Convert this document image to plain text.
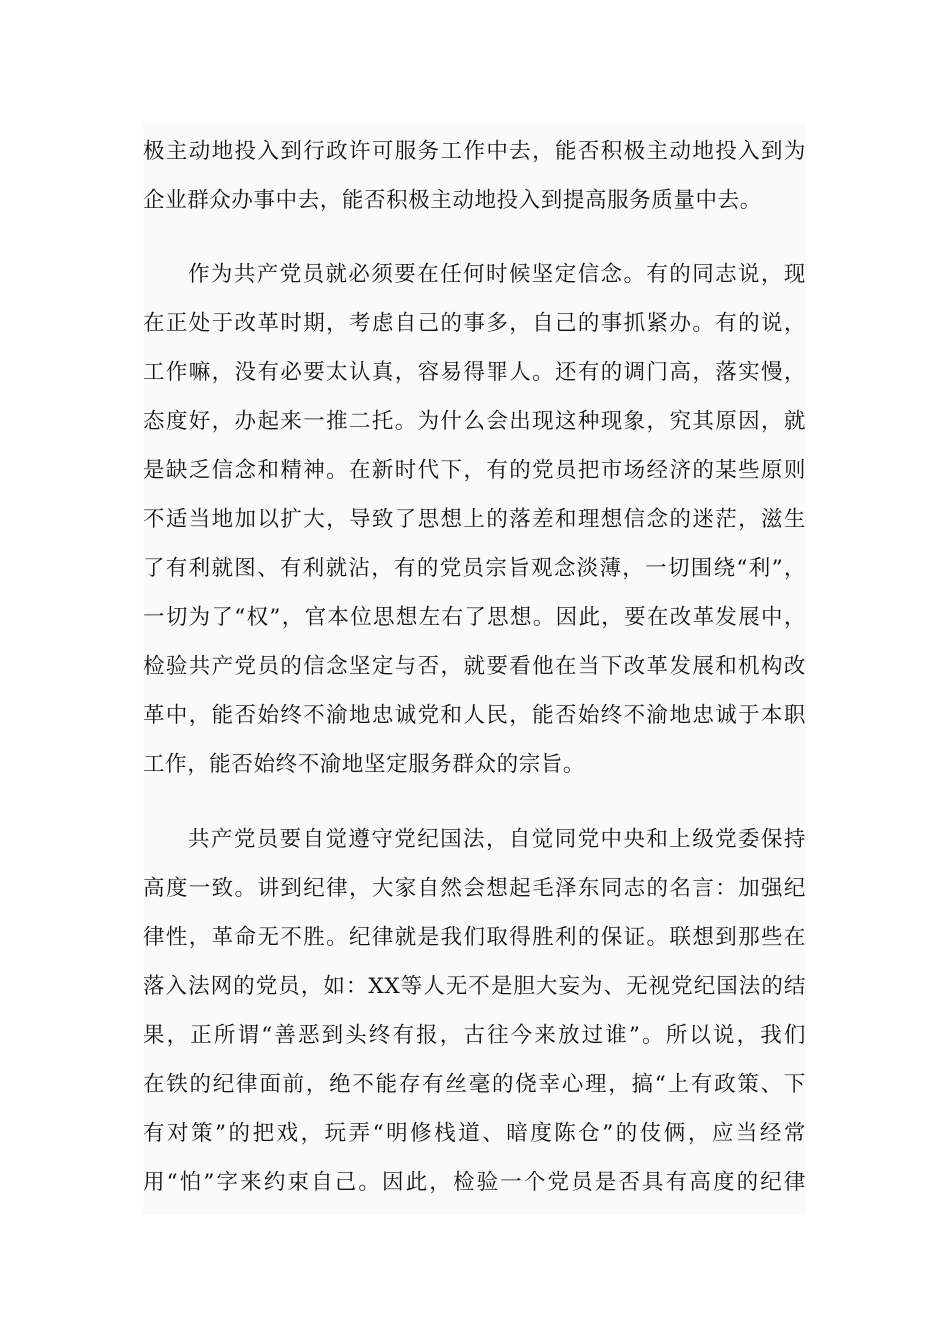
极主动地投入到行政许可服务工作中去，能否积极主动地投入到为
企业群众办事中去，能否积极主动地投入到提高服务质量中去。
作为共产党员就必须要在任何时候坚定信念。有的同志说，现
在正处于改革时期，考虑自己的事多，自己的事抓紧办。有的说，
工作嘛，没有必要太认真，容易得罪人。还有的调门高，落实慢，
态度好，办起来一推二托。为什么会出现这种现象，究其原因，就
是缺乏信念和精神。在新时代下，有的党员把市场经济的某些原则
不适当地加以扩大，导致了思想上的落差和理想信念的迷茫，滋生
了有利就图、有利就沾，有的党员宗旨观念淡薄，一切围绕“利”，
一切为了“权”，官本位思想左右了思想。因此，要在改革发展中，
检验共产党员的信念坚定与否，就要看他在当下改革发展和机构改
革中，能否始终不渝地忠诚党和人民，能否始终不渝地忠诚于本职
工作，能否始终不渝地坚定服务群众的宗旨。
共产党员要自觉遵守党纪国法，自觉同党中央和上级党委保持
高度一致。讲到纪律，大家自然会想起毛泽东同志的名言：加强纪
律性，革命无不胜。纪律就是我们取得胜利的保证。联想到那些在
落入法网的党员，如：XX等人无不是胆大妄为、无视党纪国法的结
果，正所谓“善恶到头终有报，古往今来放过谁”。所以说，我们
在铁的纪律面前，绝不能存有丝毫的侥幸心理，搞“上有政策、下
有对策”的把戏，玩弄“明修栈道、暗度陈仓”的伎俩，应当经常
用“怕”字来约束自己。因此，检验一个党员是否具有高度的纪律
